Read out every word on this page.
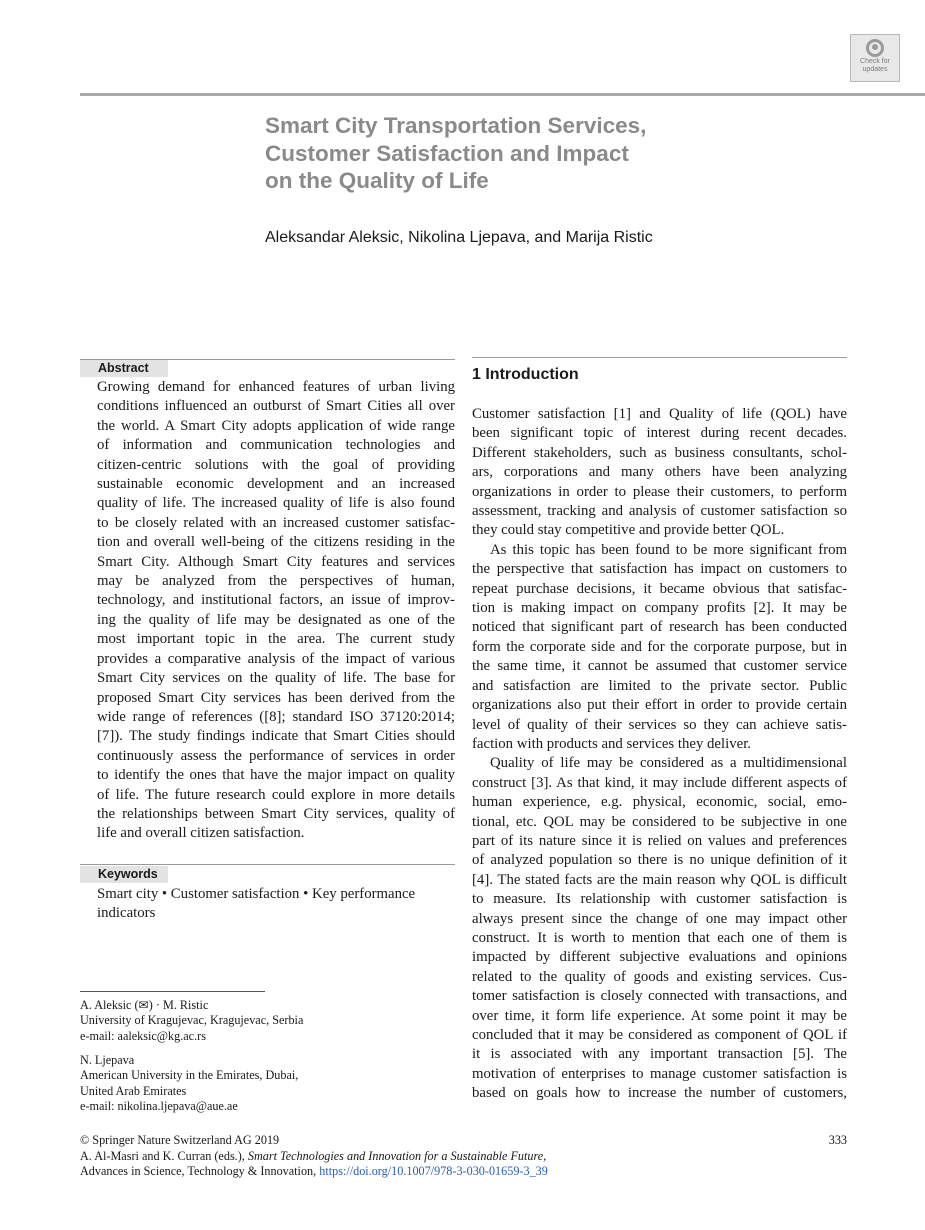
Check for
updates
Smart City Transportation Services,
Customer Satisfaction and Impact
on the Quality of Life
Aleksandar Aleksic, Nikolina Ljepava, and Marija Ristic
Abstract

Growing demand for enhanced features of urban living
conditions influenced an outburst of Smart Cities all over
the world. A Smart City adopts application of wide range
of information and communication technologies and
citizen-centric solutions with the goal of providing
sustainable economic development and an increased
quality of life. The increased quality of life is also found
to be closely related with an increased customer satisfac-
tion and overall well-being of the citizens residing in the
Smart City. Although Smart City features and services
may be analyzed from the perspectives of human,
technology, and institutional factors, an issue of improv-
ing the quality of life may be designated as one of the
most important topic in the area. The current study
provides a comparative analysis of the impact of various
Smart City services on the quality of life. The base for
proposed Smart City services has been derived from the
wide range of references ([8]; standard ISO 37120:2014;
[7]). The study findings indicate that Smart Cities should
continuously assess the performance of services in order
to identify the ones that have the major impact on quality
of life. The future research could explore in more details
the relationships between Smart City services, quality of
life and overall citizen satisfaction.

Keywords
Smart city • Customer satisfaction • Key performance
indicators
A. Aleksic (✉) · M. Ristic
University of Kragujevac, Kragujevac, Serbia
e-mail: aaleksic@kg.ac.rs
N. Ljepava
American University in the Emirates, Dubai,
United Arab Emirates
e-mail: nikolina.ljepava@aue.ae
1 Introduction

Customer satisfaction [1] and Quality of life (QOL) have
been significant topic of interest during recent decades.
Different stakeholders, such as business consultants, schol-
ars, corporations and many others have been analyzing
organizations in order to please their customers, to perform
assessment, tracking and analysis of customer satisfaction so
they could stay competitive and provide better QOL.

As this topic has been found to be more significant from
the perspective that satisfaction has impact on customers to
repeat purchase decisions, it became obvious that satisfac-
tion is making impact on company profits [2]. It may be
noticed that significant part of research has been conducted
form the corporate side and for the corporate purpose, but in
the same time, it cannot be assumed that customer service
and satisfaction are limited to the private sector. Public
organizations also put their effort in order to provide certain
level of quality of their services so they can achieve satis-
faction with products and services they deliver.

Quality of life may be considered as a multidimensional
construct [3]. As that kind, it may include different aspects of
human experience, e.g. physical, economic, social, emo-
tional, etc. QOL may be considered to be subjective in one
part of its nature since it is relied on values and preferences
of analyzed population so there is no unique definition of it
[4]. The stated facts are the main reason why QOL is difficult
to measure. Its relationship with customer satisfaction is
always present since the change of one may impact other
construct. It is worth to mention that each one of them is
impacted by different subjective evaluations and opinions
related to the quality of goods and existing services. Cus-
tomer satisfaction is closely connected with transactions, and
over time, it form life experience. At some point it may be
concluded that it may be considered as component of QOL if
it is associated with any important transaction [5]. The
motivation of enterprises to manage customer satisfaction is
based on goals how to increase the number of customers,

© Springer Nature Switzerland AG 2019	333
A. Al-Masri and K. Curran (eds.), Smart Technologies and Innovation for a Sustainable Future,
Advances in Science, Technology & Innovation, https://doi.org/10.1007/978-3-030-01659-3_39
